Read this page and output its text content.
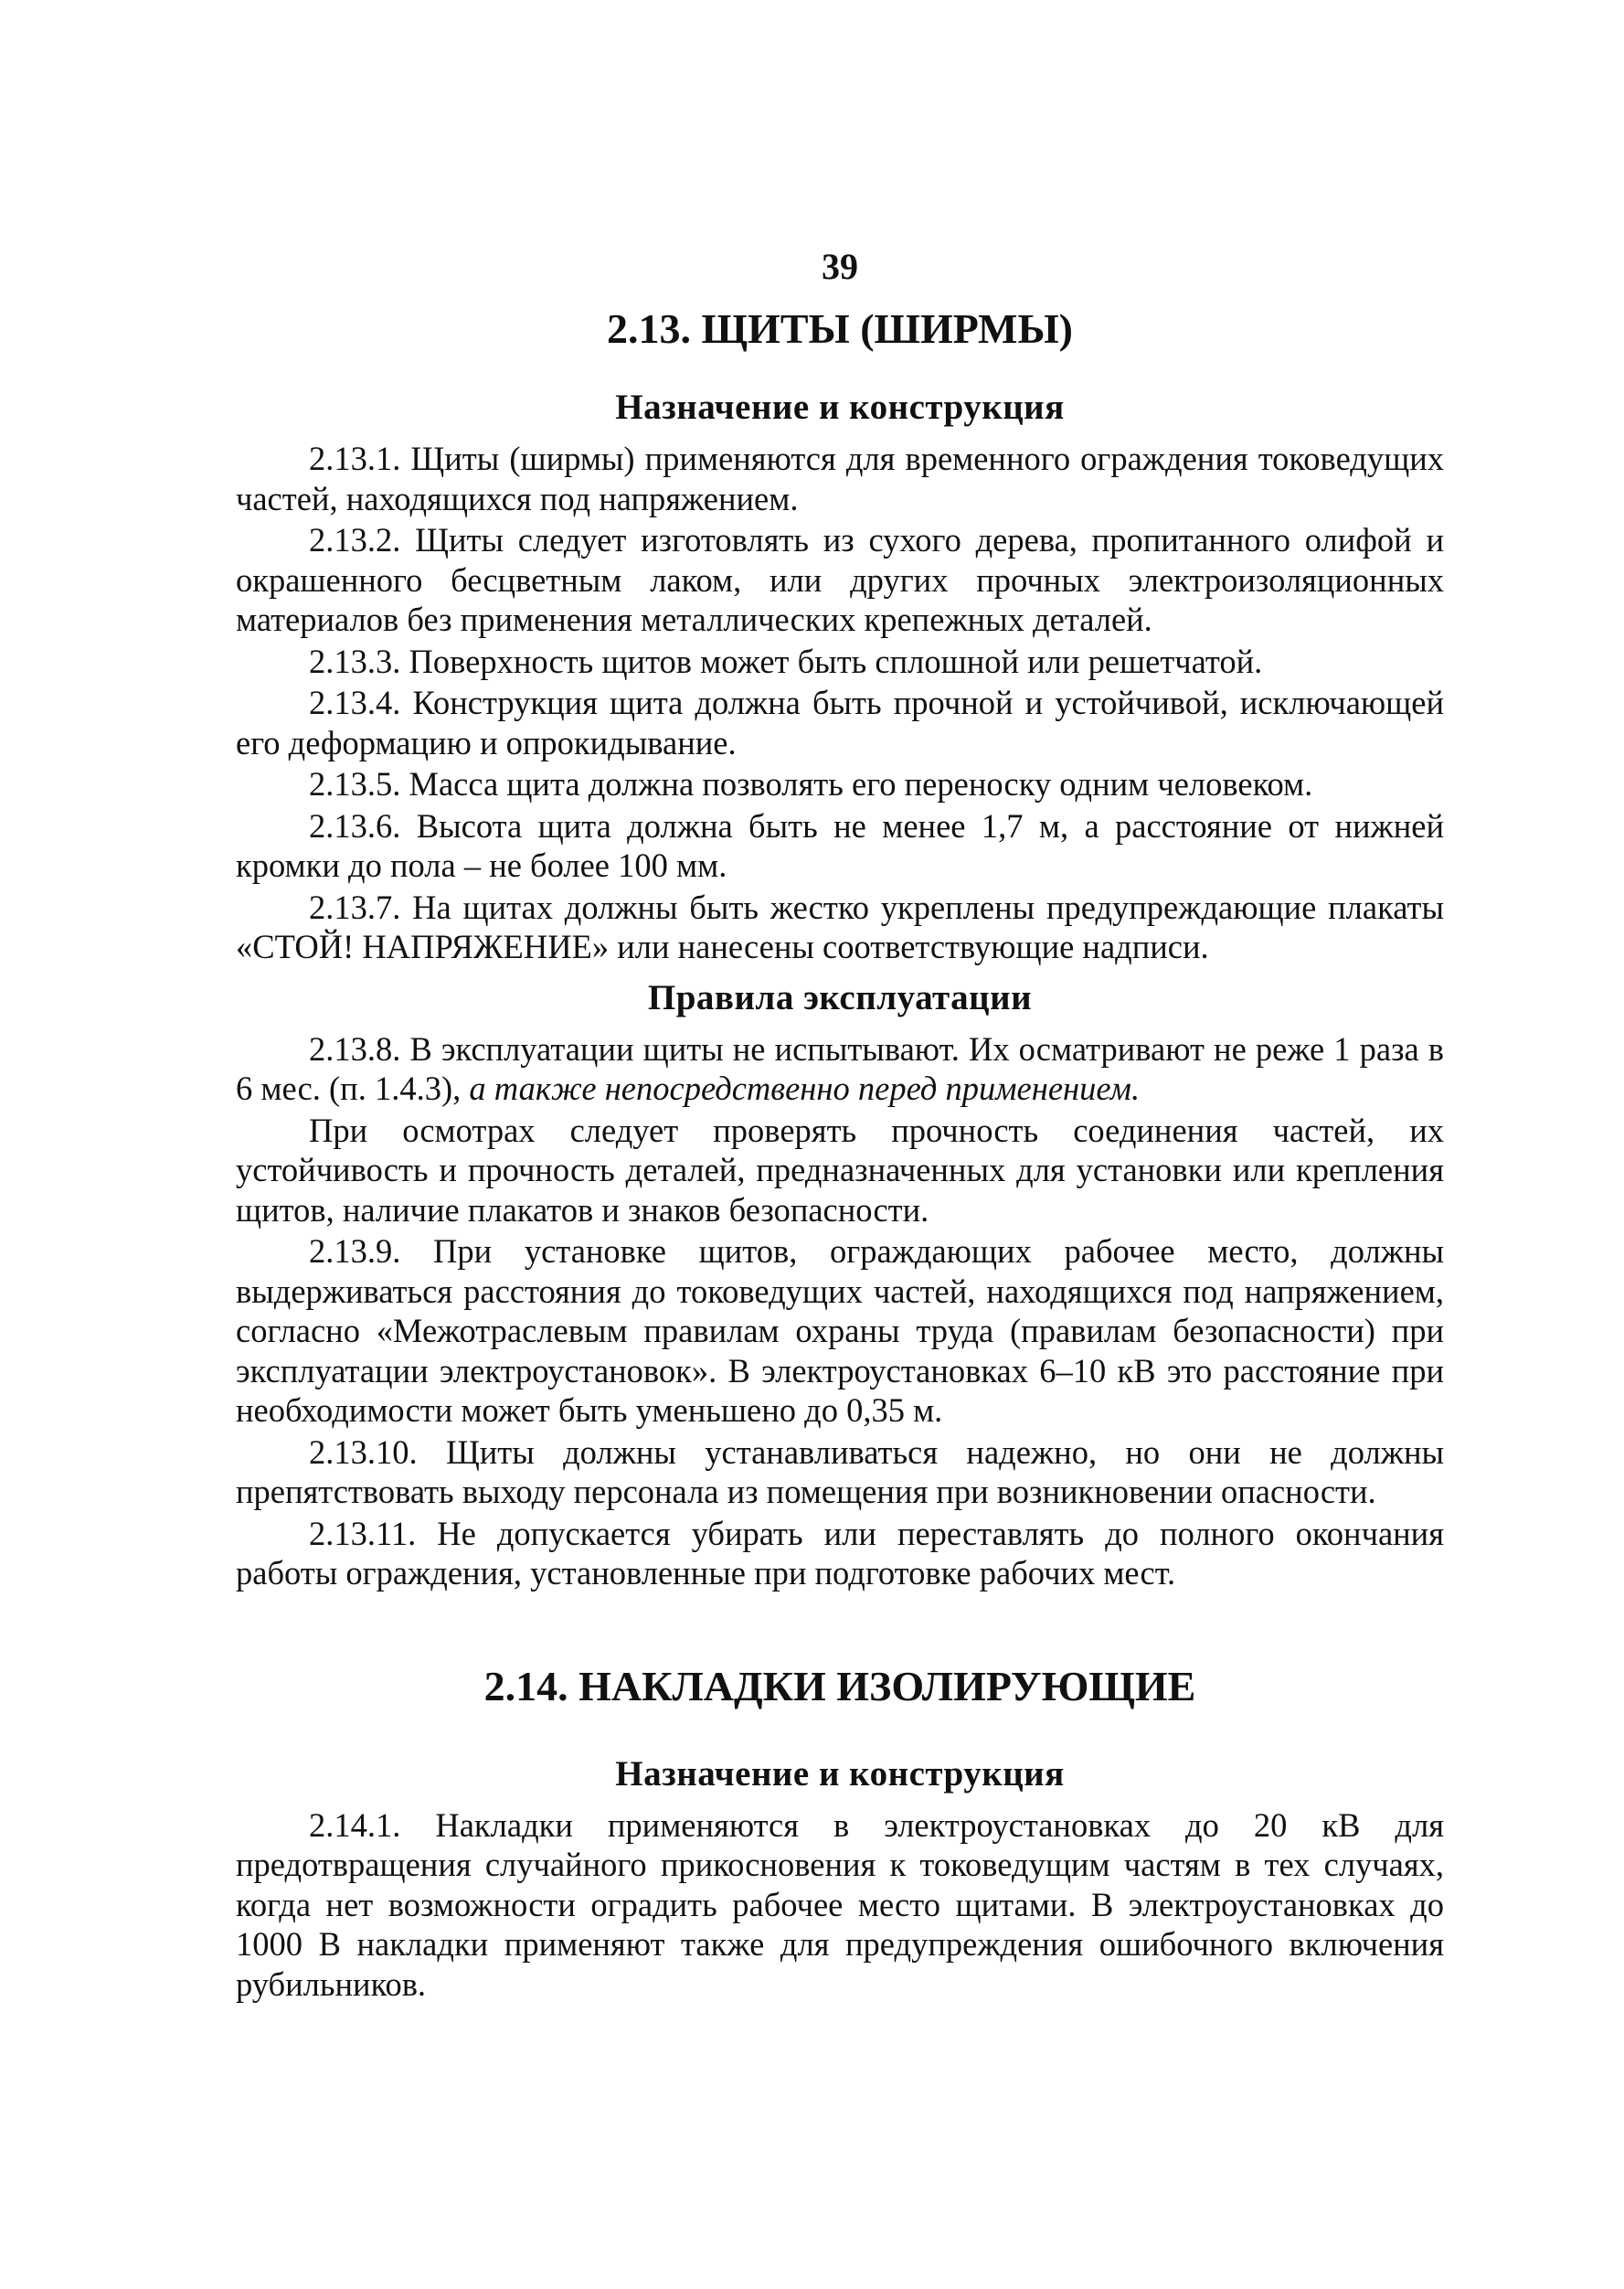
39
2.13. ЩИТЫ (ШИРМЫ)
Назначение и конструкция

2.13.1. Щиты (ширмы) применяются для временного ограждения токоведущих частей, находящихся под напряжением.

2.13.2. Щиты следует изготовлять из сухого дерева, пропитанного олифой и окрашенного бесцветным лаком, или других прочных электроизоляционных материалов без применения металлических крепежных деталей.

2.13.3. Поверхность щитов может быть сплошной или решетчатой.

2.13.4. Конструкция щита должна быть прочной и устойчивой, исключающей его деформацию и опрокидывание.

2.13.5. Масса щита должна позволять его переноску одним человеком.

2.13.6. Высота щита должна быть не менее 1,7 м, а расстояние от нижней кромки до пола – не более 100 мм.

2.13.7. На щитах должны быть жестко укреплены предупреждающие плакаты «СТОЙ! НАПРЯЖЕНИЕ» или нанесены соответствующие надписи.

Правила эксплуатации

2.13.8. В эксплуатации щиты не испытывают. Их осматривают не реже 1 раза в 6 мес. (п. 1.4.3), а также непосредственно перед применением.

При осмотрах следует проверять прочность соединения частей, их устойчивость и прочность деталей, предназначенных для установки или крепления щитов, наличие плакатов и знаков безопасности.

2.13.9. При установке щитов, ограждающих рабочее место, должны выдерживаться расстояния до токоведущих частей, находящихся под напряжением, согласно «Межотраслевым правилам охраны труда (правилам безопасности) при эксплуатации электроустановок». В электроустановках 6–10 кВ это расстояние при необходимости может быть уменьшено до 0,35 м.

2.13.10. Щиты должны устанавливаться надежно, но они не должны препятствовать выходу персонала из помещения при возникновении опасности.

2.13.11. Не допускается убирать или переставлять до полного окончания работы ограждения, установленные при подготовке рабочих мест.

2.14. НАКЛАДКИ ИЗОЛИРУЮЩИЕ
Назначение и конструкция

2.14.1. Накладки применяются в электроустановках до 20 кВ для предотвращения случайного прикосновения к токоведущим частям в тех случаях, когда нет возможности оградить рабочее место щитами. В электроустановках до 1000 В накладки применяют также для предупреждения ошибочного включения рубильников.
